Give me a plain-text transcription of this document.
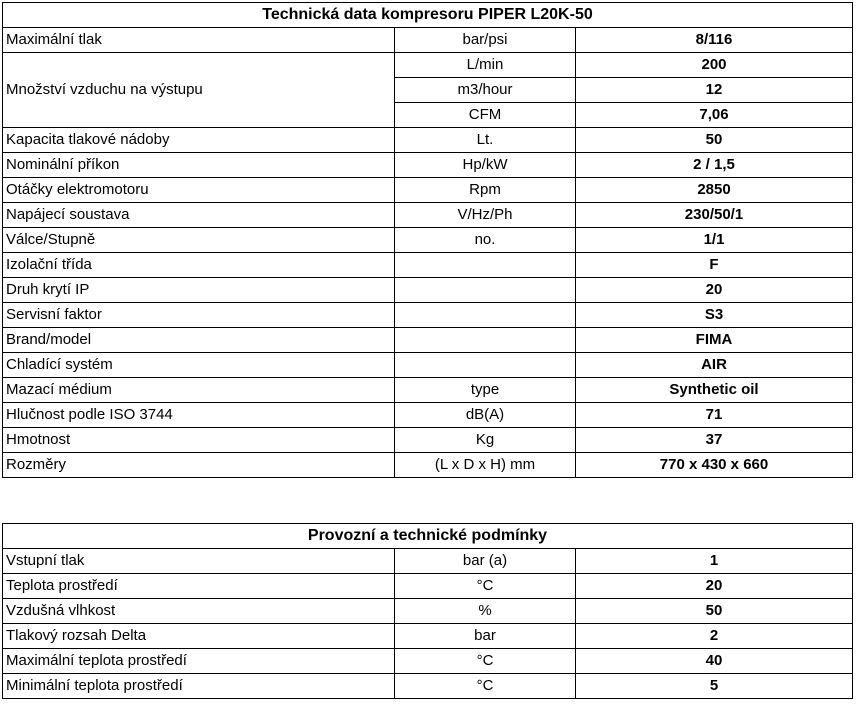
Technická data kompresoru PIPER L20K-50		
Maximální tlak	bar/psi	8/116
Množství vzduchu na výstupu	L/min	200
	m3/hour	12
	CFM	7,06
Kapacita tlakové nádoby	Lt.	50
Nominální příkon	Hp/kW	2 / 1,5
Otáčky elektromotoru	Rpm	2850
Napájecí soustava	V/Hz/Ph	230/50/1
Válce/Stupně	no.	1/1
Izolační třída		F
Druh krytí IP		20
Servisní faktor		S3
Brand/model		FIMA
Chladící systém		AIR
Mazací médium	type	Synthetic oil
Hlučnost podle ISO 3744	dB(A)	71
Hmotnost	Kg	37
Rozměry	(L x D x H) mm	770 x 430 x 660
Provozní a technické podmínky		
Vstupní tlak	bar (a)	1
Teplota prostředí	°C	20
Vzdušná vlhkost	%	50
Tlakový rozsah Delta	bar	2
Maximální teplota prostředí	°C	40
Minimální teplota prostředí	°C	5
